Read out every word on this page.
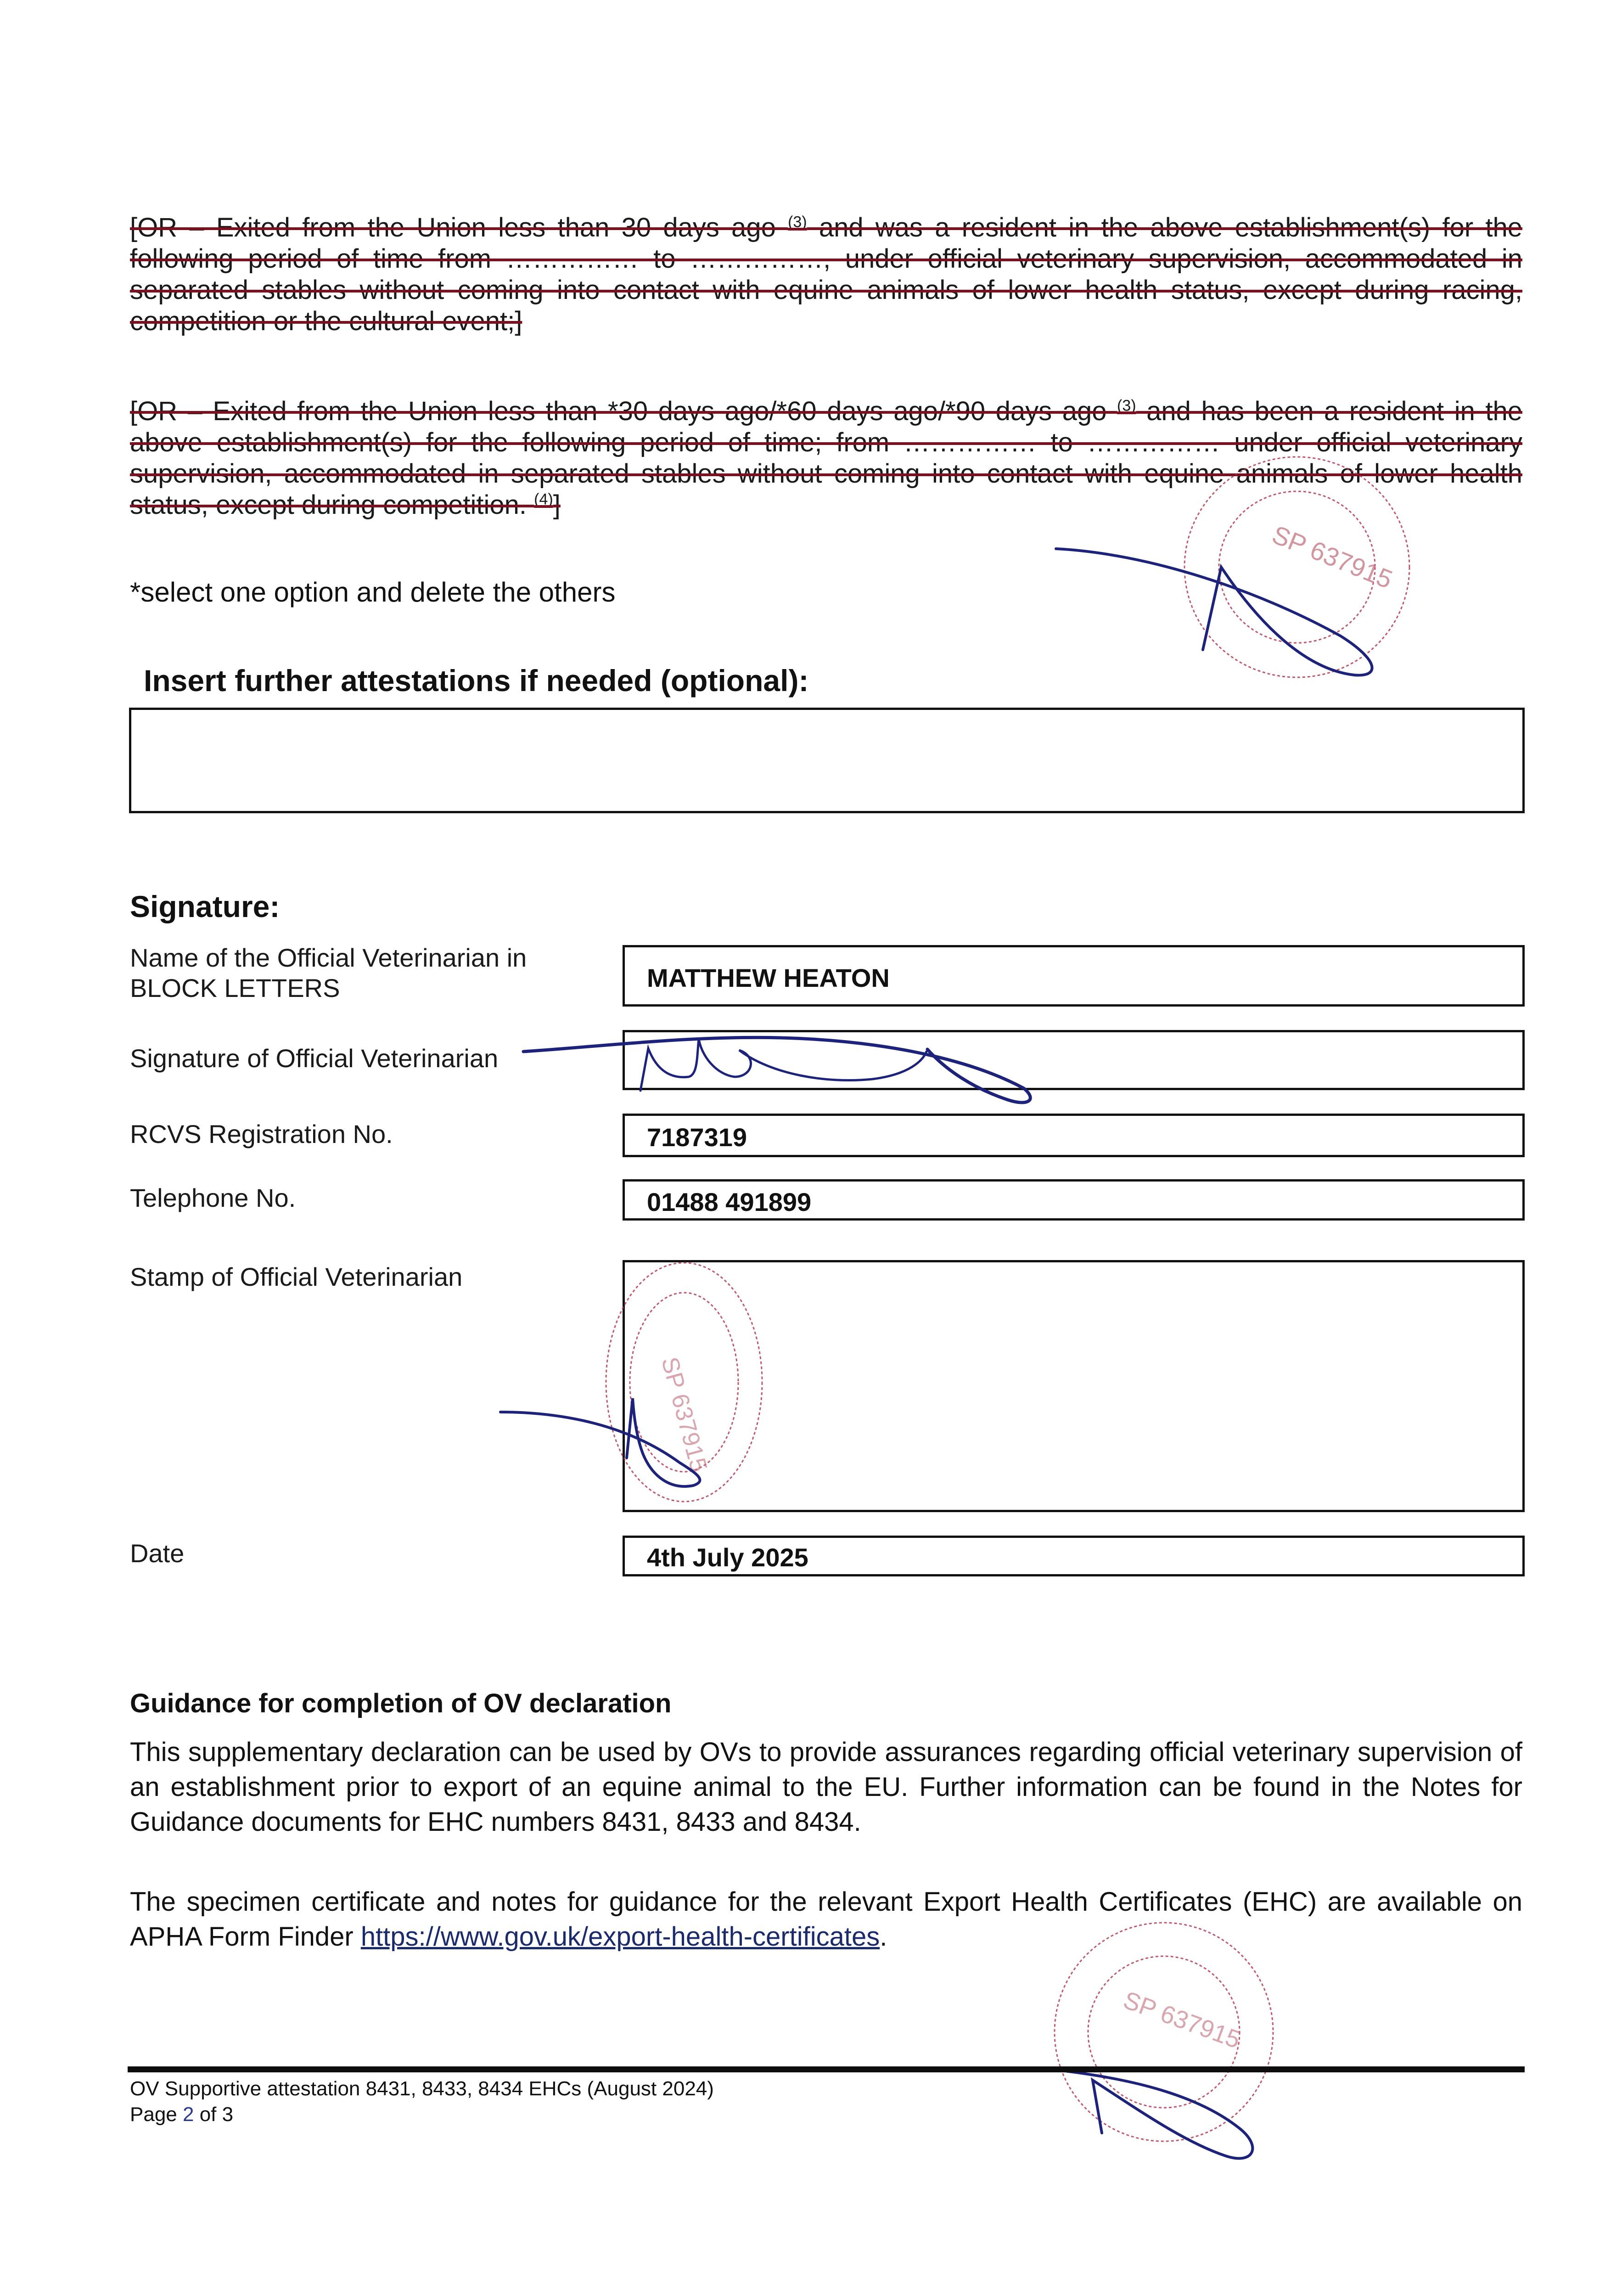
[OR – Exited from the Union less than 30 days ago $^{(3)}$ and was a resident in the above establishment(s) for the following period of time from …………… to ……………, under official veterinary supervision, accommodated in separated stables without coming into contact with equine animals of lower health status, except during racing, competition or the cultural event;]
[OR – Exited from the Union less than *30 days ago/*60 days ago/*90 days ago $^{(3)}$ and has been a resident in the above establishment(s) for the following period of time; from …………… to …………… under official veterinary supervision, accommodated in separated stables without coming into contact with equine animals of lower health status, except during competition. $^{(4)}$]
*select one option and delete the others
Insert further attestations if needed (optional):
Signature:
Name of the Official Veterinarian in BLOCK LETTERS	MATTHEW HEATON
Signature of Official Veterinarian
RCVS Registration No.	7187319
Telephone No.	01488 491899
Stamp of Official Veterinarian
Date	4th July 2025
SP 637915
SP 637915
SP 637915
Guidance for completion of OV declaration
This supplementary declaration can be used by OVs to provide assurances regarding official veterinary supervision of an establishment prior to export of an equine animal to the EU. Further information can be found in the Notes for Guidance documents for EHC numbers 8431, 8433 and 8434.
The specimen certificate and notes for guidance for the relevant Export Health Certificates (EHC) are available on APHA Form Finder https://www.gov.uk/export-health-certificates.
OV Supportive attestation 8431, 8433, 8434 EHCs (August 2024)
Page 2 of 3
